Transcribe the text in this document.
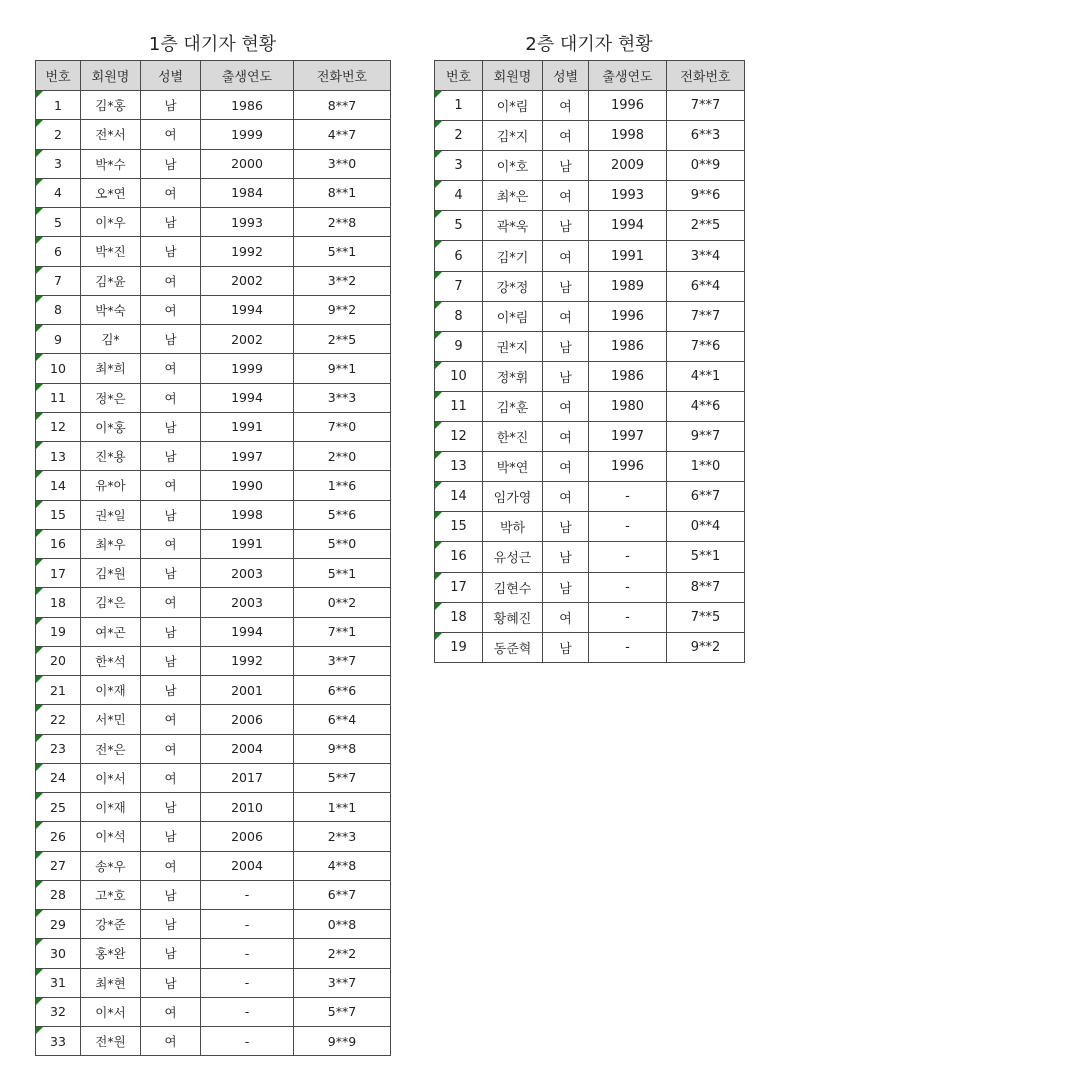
1층 대기자 현황
번호	회원명	성별	출생연도	전화번호
1	김*홍	남	1986	8**7
2	전*서	여	1999	4**7
3	박*수	남	2000	3**0
4	오*연	여	1984	8**1
5	이*우	남	1993	2**8
6	박*진	남	1992	5**1
7	김*윤	여	2002	3**2
8	박*숙	여	1994	9**2
9	김*	남	2002	2**5
10	최*희	여	1999	9**1
11	정*은	여	1994	3**3
12	이*홍	남	1991	7**0
13	진*용	남	1997	2**0
14	유*아	여	1990	1**6
15	권*일	남	1998	5**6
16	최*우	여	1991	5**0
17	김*원	남	2003	5**1
18	김*은	여	2003	0**2
19	여*곤	남	1994	7**1
20	한*석	남	1992	3**7
21	이*재	남	2001	6**6
22	서*민	여	2006	6**4
23	전*은	여	2004	9**8
24	이*서	여	2017	5**7
25	이*재	남	2010	1**1
26	이*석	남	2006	2**3
27	송*우	여	2004	4**8
28	고*호	남	-	6**7
29	강*준	남	-	0**8
30	홍*완	남	-	2**2
31	최*현	남	-	3**7
32	이*서	여	-	5**7
33	전*원	여	-	9**9
2층 대기자 현황
번호	회원명	성별	출생연도	전화번호
1	이*림	여	1996	7**7
2	김*지	여	1998	6**3
3	이*호	남	2009	0**9
4	최*은	여	1993	9**6
5	곽*욱	남	1994	2**5
6	김*기	여	1991	3**4
7	강*정	남	1989	6**4
8	이*림	여	1996	7**7
9	권*지	남	1986	7**6
10	정*휘	남	1986	4**1
11	김*훈	여	1980	4**6
12	한*진	여	1997	9**7
13	박*연	여	1996	1**0
14	임가영	여	-	6**7
15	박하	남	-	0**4
16	유성근	남	-	5**1
17	김현수	남	-	8**7
18	황혜진	여	-	7**5
19	동준혁	남	-	9**2
